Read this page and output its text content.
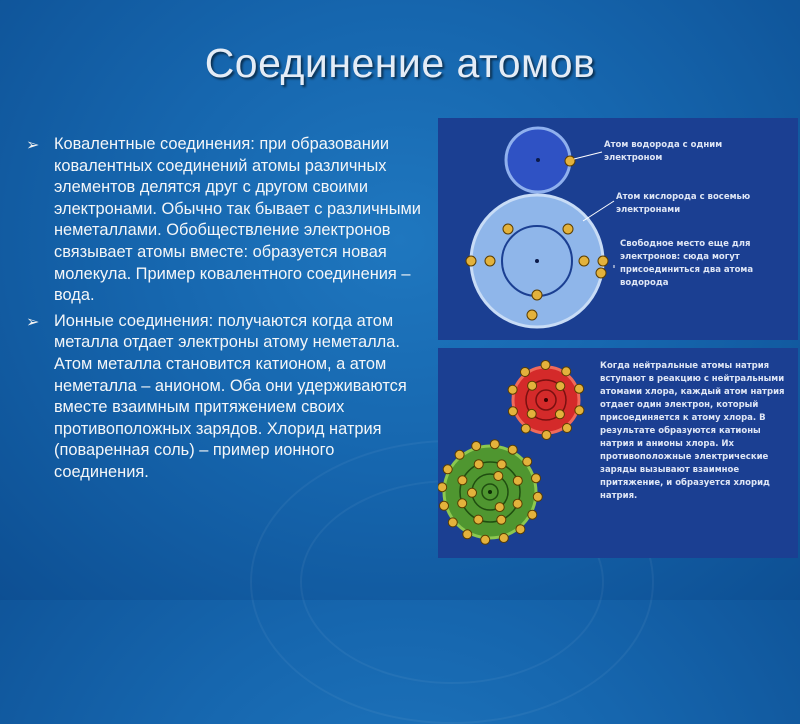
Соединение атомов
➢ Ковалентные соединения: при образовании ковалентных соединений атомы различных элементов делятся друг с другом своими электронами. Обычно так бывает с различными неметаллами. Обобществление электронов связывает атомы вместе: образуется новая молекула. Пример ковалентного соединения – вода.
➢ Ионные соединения: получаются когда атом металла отдает электроны атому неметалла. Атом металла становится катионом, а атом неметалла – анионом. Оба они удерживаются вместе взаимным притяжением своих противоположных зарядов. Хлорид натрия (поваренная соль) – пример ионного соединения.
Атом водорода с одним электроном
Атом кислорода с восемью электронами
Свободное место еще для электронов: сюда могут присоединиться два атома водорода
Когда нейтральные атомы натрия вступают в реакцию с нейтральными атомами хлора, каждый атом натрия отдает один электрон, который присоединяется к атому хлора. В результате образуются катионы натрия и анионы хлора. Их противоположные электрические заряды вызывают взаимное притяжение, и образуется хлорид натрия.
